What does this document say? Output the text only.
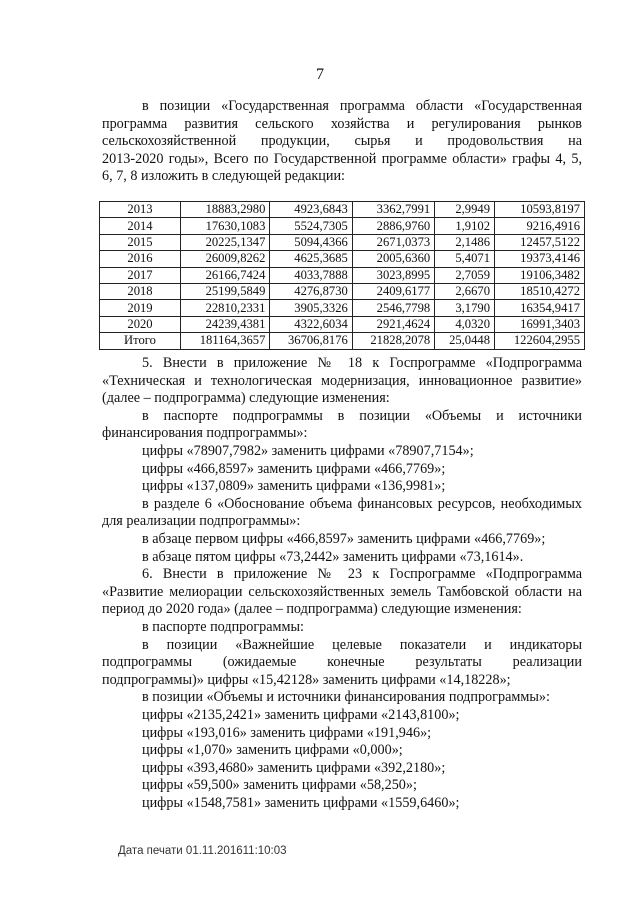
7
в позиции «Государственная программа области «Государственная
программа развития сельского хозяйства и регулирования рынков
сельскохозяйственной продукции, сырья и продовольствия на
2013-2020 годы», Всего по Государственной программе области» графы 4, 5,
6, 7, 8 изложить в следующей редакции:
2013	18883,2980	4923,6843	3362,7991	2,9949	10593,8197
2014	17630,1083	5524,7305	2886,9760	1,9102	9216,4916
2015	20225,1347	5094,4366	2671,0373	2,1486	12457,5122
2016	26009,8262	4625,3685	2005,6360	5,4071	19373,4146
2017	26166,7424	4033,7888	3023,8995	2,7059	19106,3482
2018	25199,5849	4276,8730	2409,6177	2,6670	18510,4272
2019	22810,2331	3905,3326	2546,7798	3,1790	16354,9417
2020	24239,4381	4322,6034	2921,4624	4,0320	16991,3403
Итого	181164,3657	36706,8176	21828,2078	25,0448	122604,2955
5. Внести в приложение № 18 к Госпрограмме «Подпрограмма
«Техническая и технологическая модернизация, инновационное развитие»
(далее – подпрограмма) следующие изменения:
в паспорте подпрограммы в позиции «Объемы и источники
финансирования подпрограммы»:
цифры «78907,7982» заменить цифрами «78907,7154»;
цифры «466,8597» заменить цифрами «466,7769»;
цифры «137,0809» заменить цифрами «136,9981»;
в разделе 6 «Обоснование объема финансовых ресурсов, необходимых
для реализации подпрограммы»:
в абзаце первом цифры «466,8597» заменить цифрами «466,7769»;
в абзаце пятом цифры «73,2442» заменить цифрами «73,1614».
6. Внести в приложение № 23 к Госпрограмме «Подпрограмма
«Развитие мелиорации сельскохозяйственных земель Тамбовской области на
период до 2020 года» (далее – подпрограмма) следующие изменения:
в паспорте подпрограммы:
в позиции «Важнейшие целевые показатели и индикаторы
подпрограммы (ожидаемые конечные результаты реализации
подпрограммы)» цифры «15,42128» заменить цифрами «14,18228»;
в позиции «Объемы и источники финансирования подпрограммы»:
цифры «2135,2421» заменить цифрами «2143,8100»;
цифры «193,016» заменить цифрами «191,946»;
цифры «1,070» заменить цифрами «0,000»;
цифры «393,4680» заменить цифрами «392,2180»;
цифры «59,500» заменить цифрами «58,250»;
цифры «1548,7581» заменить цифрами «1559,6460»;
Дата печати 01.11.201611:10:03
